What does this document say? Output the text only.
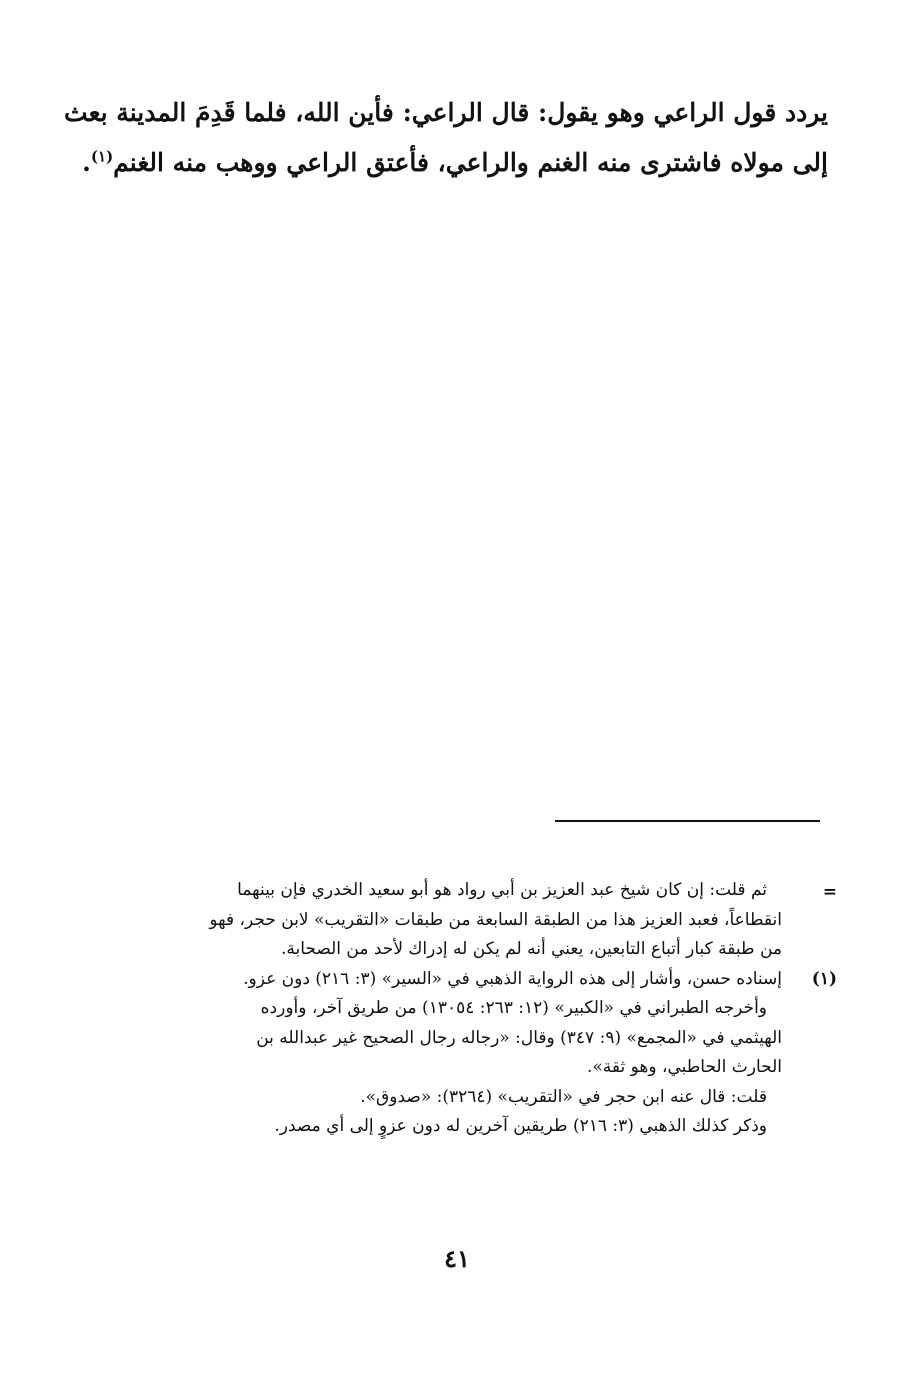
يردد قول الراعي وهو يقول: قال الراعي: فأين الله، فلما قَدِمَ المدينة بعث
إلى مولاه فاشترى منه الغنم والراعي، فأعتق الراعي ووهب منه الغنم$^{(١)}$.
=
ثم قلت: إن كان شيخ عبد العزيز بن أبي رواد هو أبو سعيد الخدري فإن بينهما
انقطاعاً، فعبد العزيز هذا من الطبقة السابعة من طبقات «التقريب» لابن حجر، فهو
من طبقة كبار أتباع التابعين، يعني أنه لم يكن له إدراك لأحد من الصحابة.
(١)
إسناده حسن، وأشار إلى هذه الرواية الذهبي في «السير» (٣: ٢١٦) دون عزو.
وأخرجه الطبراني في «الكبير» (١٢: ٢٦٣: ١٣٠٥٤) من طريق آخر، وأورده
الهيثمي في «المجمع» (٩: ٣٤٧) وقال: «رجاله رجال الصحيح غير عبدالله بن
الحارث الحاطبي، وهو ثقة».
قلت: قال عنه ابن حجر في «التقريب» (٣٢٦٤): «صدوق».
وذكر كذلك الذهبي (٣: ٢١٦) طريقين آخرين له دون عزوٍ إلى أي مصدر.
٤١
